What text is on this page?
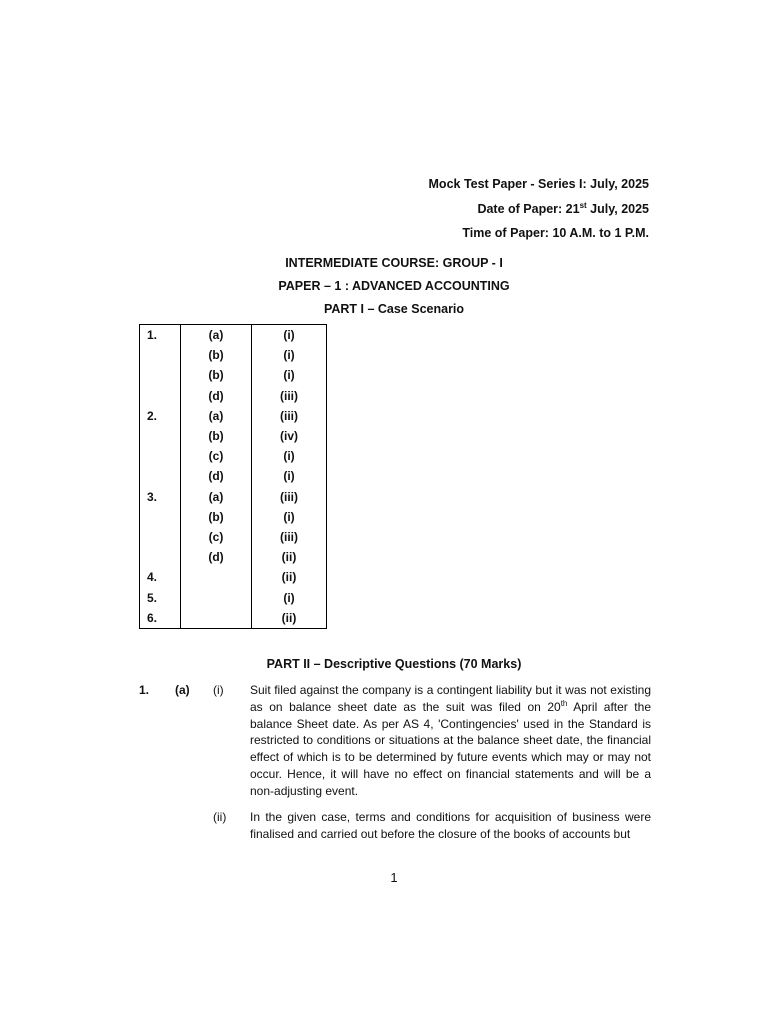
Mock Test Paper - Series I: July, 2025
Date of Paper: 21st July, 2025
Time of Paper: 10 A.M. to 1 P.M.
INTERMEDIATE COURSE: GROUP - I
PAPER – 1 : ADVANCED ACCOUNTING
PART I – Case Scenario
1.	(a)	(i)
	(b)	(i)
	(b)	(i)
	(d)	(iii)
2.	(a)	(iii)
	(b)	(iv)
	(c)	(i)
	(d)	(i)
3.	(a)	(iii)
	(b)	(i)
	(c)	(iii)
	(d)	(ii)
4.		(ii)
5.		(i)
6.		(ii)
PART II – Descriptive Questions (70 Marks)
1. (a) (i) Suit filed against the company is a contingent liability but it was not existing as on balance sheet date as the suit was filed on 20th April after the balance Sheet date. As per AS 4, 'Contingencies' used in the Standard is restricted to conditions or situations at the balance sheet date, the financial effect of which is to be determined by future events which may or may not occur. Hence, it will have no effect on financial statements and will be a non-adjusting event.
(ii) In the given case, terms and conditions for acquisition of business were finalised and carried out before the closure of the books of accounts but
1
